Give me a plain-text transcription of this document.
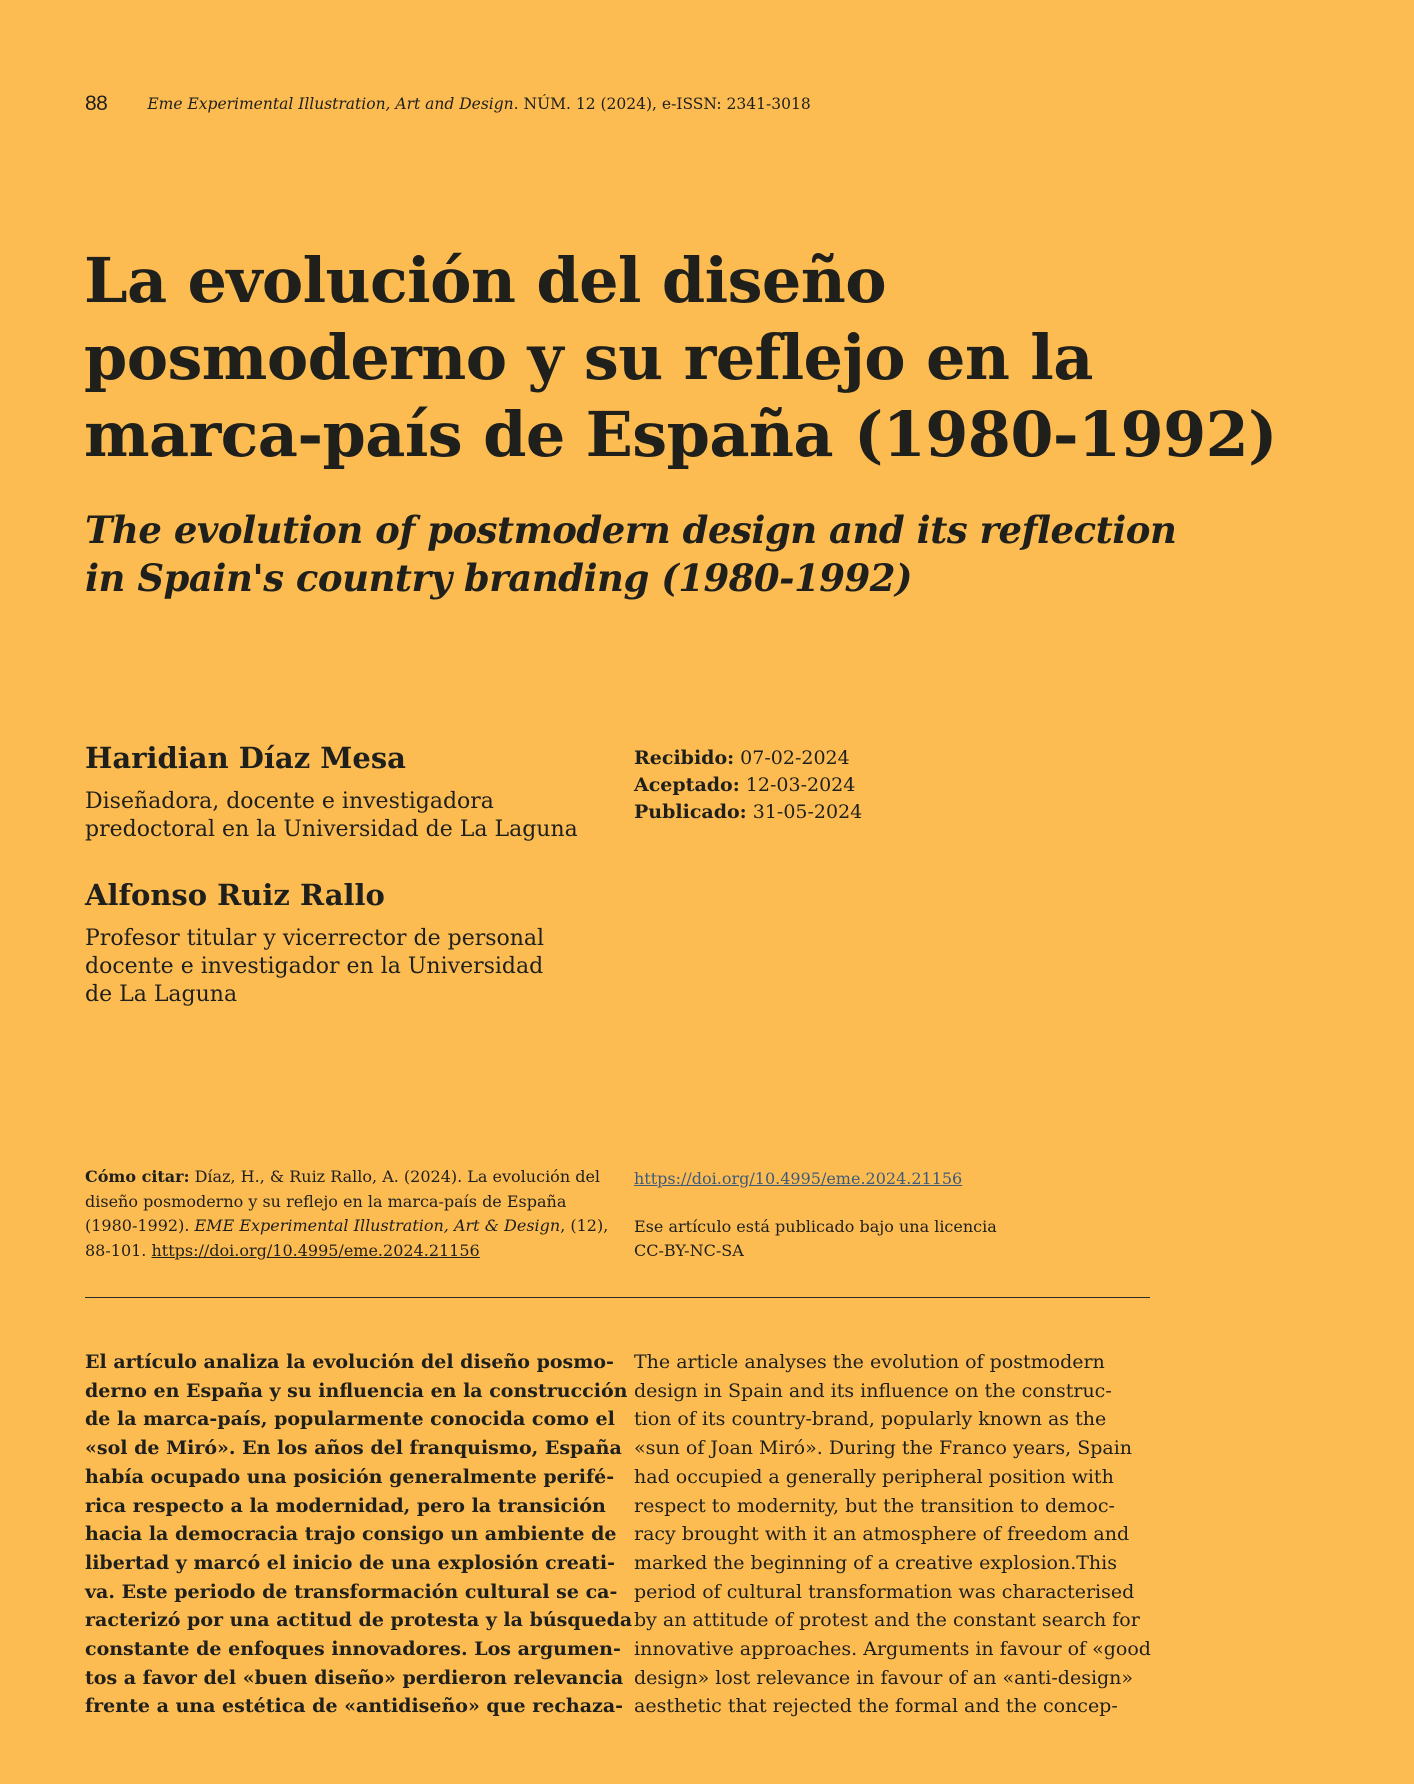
88	Eme Experimental Illustration, Art and Design. NÚM. 12 (2024), e-ISSN: 2341-3018
La evolución del diseño
posmoderno y su reflejo en la
marca-país de España (1980-1992)
The evolution of postmodern design and its reflection
in Spain's country branding (1980-1992)

Haridian Díaz Mesa

Diseñadora, docente e investigadora
predoctoral en la Universidad de La Laguna

Alfonso Ruiz Rallo

Profesor titular y vicerrector de personal
docente e investigador en la Universidad
de La Laguna

Recibido: 07-02-2024
Aceptado: 12-03-2024
Publicado: 31-05-2024
Cómo citar: Díaz, H., & Ruiz Rallo, A. (2024). La evolución del
diseño posmoderno y su reflejo en la marca-país de España
(1980-1992). EME Experimental Illustration, Art & Design, (12),
88-101. https://doi.org/10.4995/eme.2024.21156
https://doi.org/10.4995/eme.2024.21156
Ese artículo está publicado bajo una licencia
CC-BY-NC-SA
El artículo analiza la evolución del diseño posmo-
derno en España y su influencia en la construcción
de la marca-país, popularmente conocida como el
«sol de Miró». En los años del franquismo, España
había ocupado una posición generalmente perifé-
rica respecto a la modernidad, pero la transición
hacia la democracia trajo consigo un ambiente de
libertad y marcó el inicio de una explosión creati-
va. Este periodo de transformación cultural se ca-
racterizó por una actitud de protesta y la búsqueda
constante de enfoques innovadores. Los argumen-
tos a favor del «buen diseño» perdieron relevancia
frente a una estética de «antidiseño» que rechaza-
The article analyses the evolution of postmodern
design in Spain and its influence on the construc-
tion of its country-brand, popularly known as the
«sun of Joan Miró». During the Franco years, Spain
had occupied a generally peripheral position with
respect to modernity, but the transition to democ-
racy brought with it an atmosphere of freedom and
marked the beginning of a creative explosion.This
period of cultural transformation was characterised
by an attitude of protest and the constant search for
innovative approaches. Arguments in favour of «good
design» lost relevance in favour of an «anti-design»
aesthetic that rejected the formal and the concep-
